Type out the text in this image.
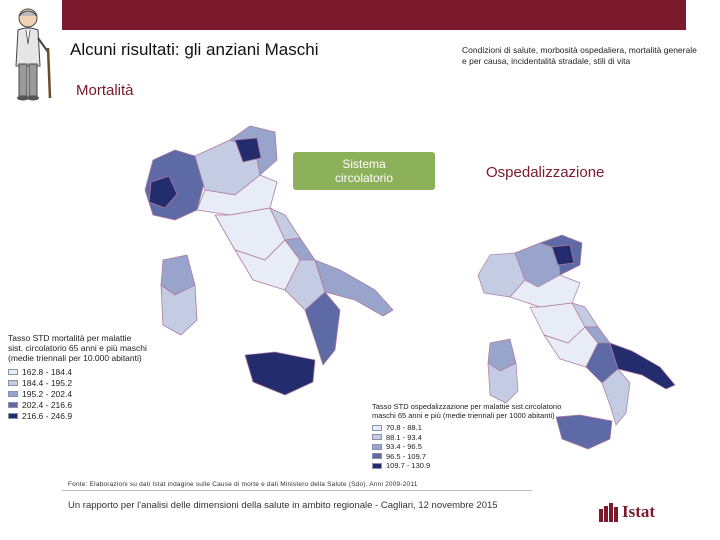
Alcuni risultati: gli anziani Maschi	Condizioni di salute, morbosità ospedaliera, mortalità generale e per causa, incidentalità stradale, stili di vita
Mortalità
Ospedalizzazione
Sistema
circolatorio
Tasso STD mortalità per malattie
sist. circolatorio 65 anni e più maschi
(medie triennali per 10.000 abitanti)
162.8 - 184.4
184.4 - 195.2
195.2 - 202.4
202.4 - 216.6
216.6 - 246.9
Tasso STD ospedalizzazione per malattie sist.circolatorio
maschi 65 anni e più (medie triennali per 1000 abitanti)
70.8 - 88.1
88.1 - 93.4
93.4 - 96.5
96.5 - 109.7
109.7 - 130.9
Fonte: Elaborazioni su dati Istat indagine sulle Cause di morte e dati Ministero della Salute (Sdo). Anni 2009-2011
Un rapporto per l'analisi delle dimensioni della salute in ambito regionale - Cagliari, 12 novembre 2015	Istat
